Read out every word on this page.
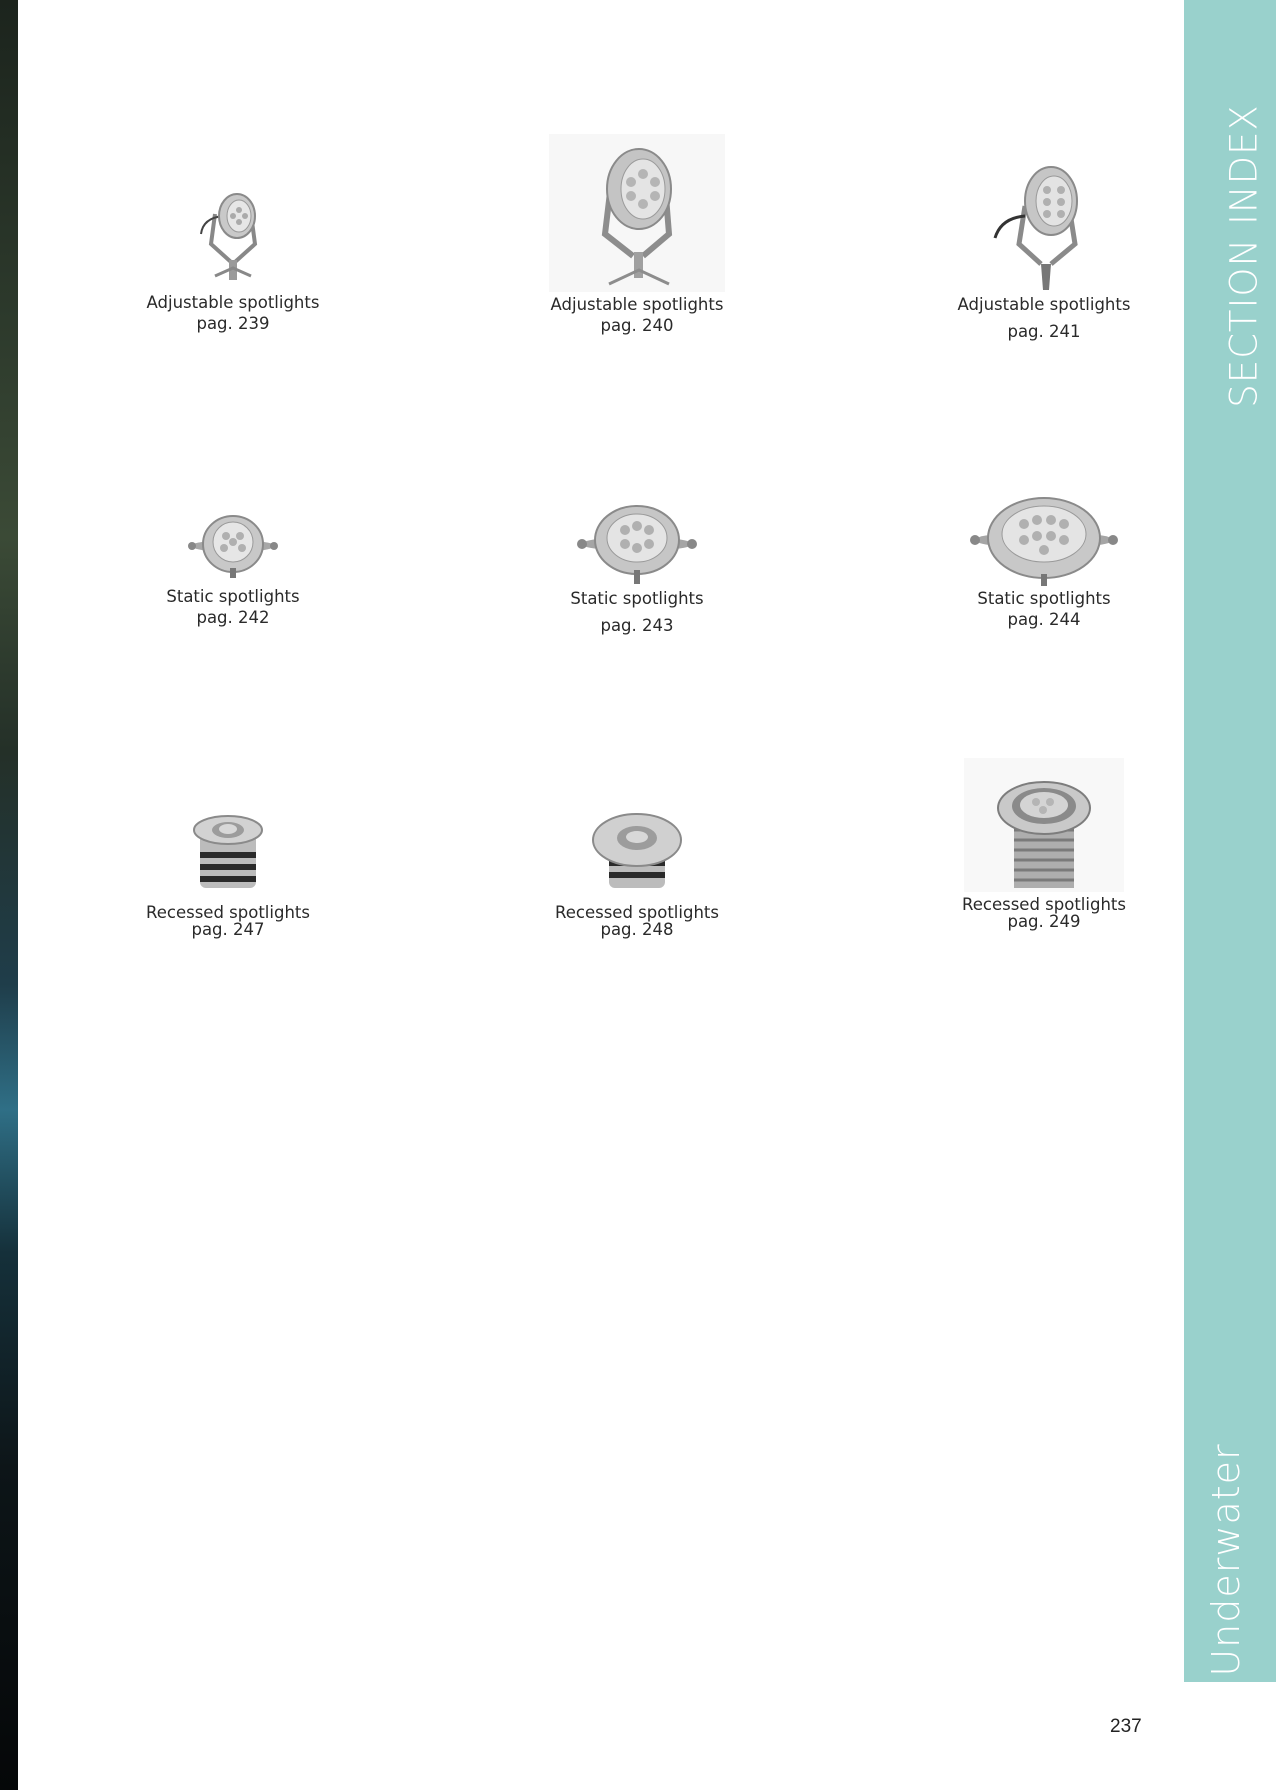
SECTION INDEX
Underwater
Adjustable spotlights
pag. 239
Adjustable spotlights
pag. 240
Adjustable spotlights
pag. 241
Static spotlights
pag. 242
Static spotlights
pag. 243
Static spotlights
pag. 244
Recessed spotlights
pag. 247
Recessed spotlights
pag. 248
Recessed spotlights
pag. 249
237
